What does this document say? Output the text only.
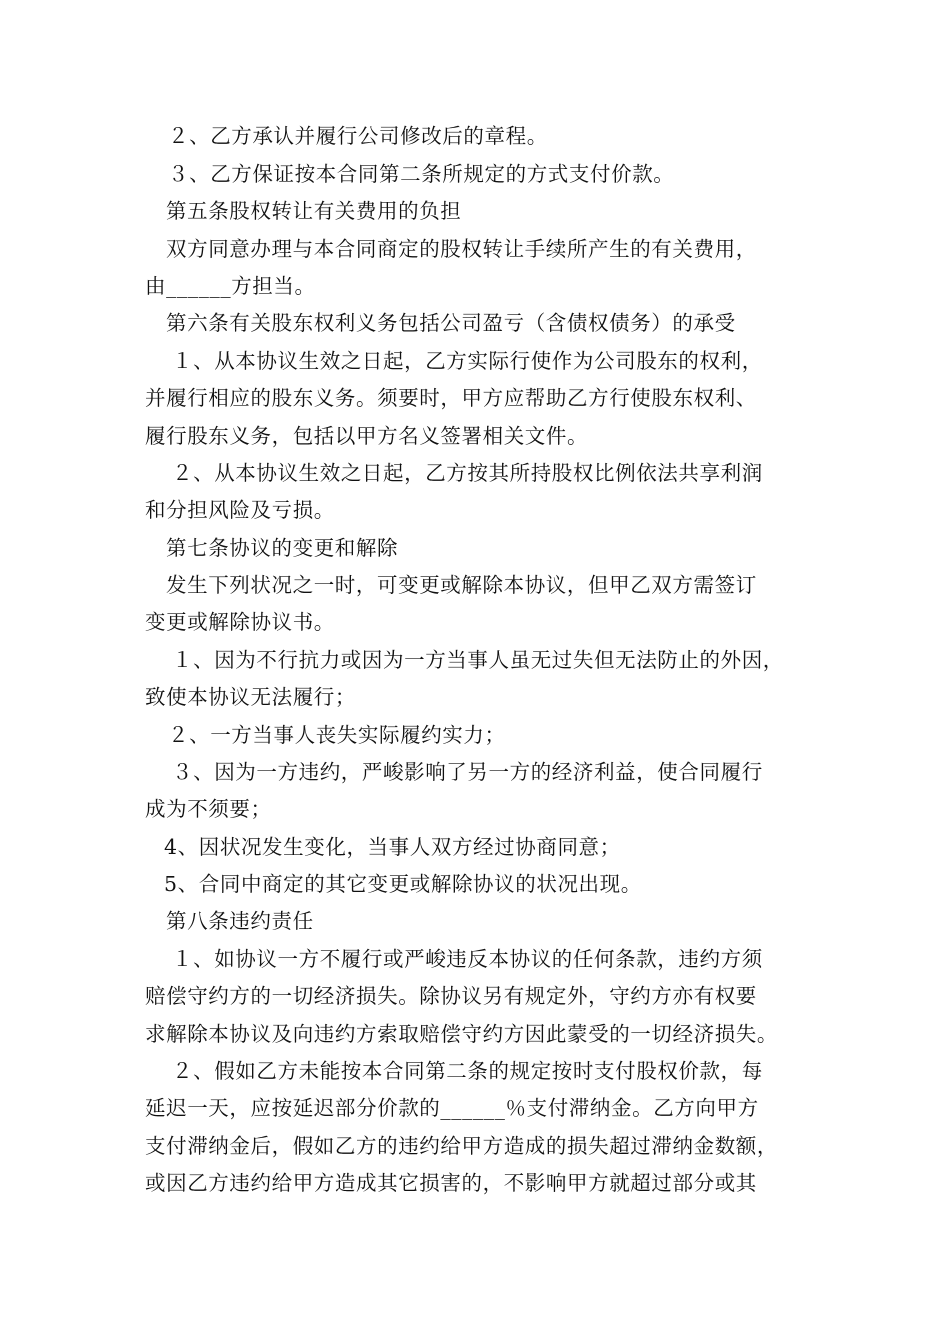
２、乙方承认并履行公司修改后的章程。
３、乙方保证按本合同第二条所规定的方式支付价款。
第五条股权转让有关费用的负担
双方同意办理与本合同商定的股权转让手续所产生的有关费用，
由______方担当。
第六条有关股东权利义务包括公司盈亏（含债权债务）的承受
１、从本协议生效之日起，乙方实际行使作为公司股东的权利，
并履行相应的股东义务。须要时，甲方应帮助乙方行使股东权利、
履行股东义务，包括以甲方名义签署相关文件。
２、从本协议生效之日起，乙方按其所持股权比例依法共享利润
和分担风险及亏损。
第七条协议的变更和解除
发生下列状况之一时，可变更或解除本协议，但甲乙双方需签订
变更或解除协议书。
１、因为不行抗力或因为一方当事人虽无过失但无法防止的外因，
致使本协议无法履行；
２、一方当事人丧失实际履约实力；
３、因为一方违约，严峻影响了另一方的经济利益，使合同履行
成为不须要；
4、因状况发生变化，当事人双方经过协商同意；
5、合同中商定的其它变更或解除协议的状况出现。
第八条违约责任
１、如协议一方不履行或严峻违反本协议的任何条款，违约方须
赔偿守约方的一切经济损失。除协议另有规定外，守约方亦有权要
求解除本协议及向违约方索取赔偿守约方因此蒙受的一切经济损失。
２、假如乙方未能按本合同第二条的规定按时支付股权价款，每
延迟一天，应按延迟部分价款的______％支付滞纳金。乙方向甲方
支付滞纳金后，假如乙方的违约给甲方造成的损失超过滞纳金数额，
或因乙方违约给甲方造成其它损害的，不影响甲方就超过部分或其
